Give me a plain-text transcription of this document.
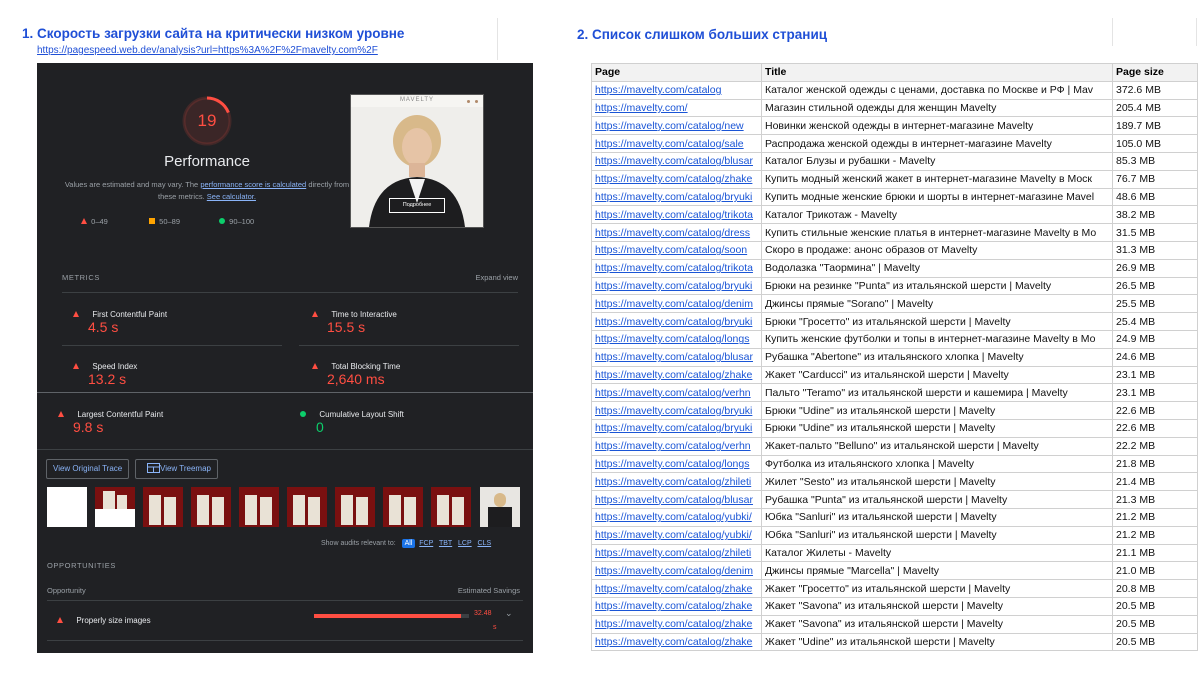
1. Скорость загрузки сайта на критически низком уровне
https://pagespeed.web.dev/analysis?url=https%3A%2F%2Fmavelty.com%2F
2. Список слишком больших страниц
19
Performance
Values are estimated and may vary. The performance score is calculated directly from these metrics. See calculator.
0–49	50–89	90–100
MAVELTY
Подробнее
METRICS	Expand view
First Contentful Paint
4.5 s
Time to Interactive
15.5 s
Speed Index
13.2 s
Total Blocking Time
2,640 ms
Largest Contentful Paint
9.8 s
Cumulative Layout Shift
0
View Original Trace	View Treemap
Show audits relevant to: All FCP TBT LCP CLS
OPPORTUNITIES
Opportunity	Estimated Savings
Properly size images
32.48
s
⌄
Page	Title	Page size
https://mavelty.com/catalog	Каталог женской одежды с ценами, доставка по Москве и РФ | Mav	372.6 MB
https://mavelty.com/	Магазин стильной одежды для женщин Mavelty	205.4 MB
https://mavelty.com/catalog/new	Новинки женской одежды в интернет-магазине Mavelty	189.7 MB
https://mavelty.com/catalog/sale	Распродажа женской одежды в интернет-магазине Mavelty	105.0 MB
https://mavelty.com/catalog/blusar	Каталог Блузы и рубашки - Mavelty	85.3 MB
https://mavelty.com/catalog/zhake	Купить модный женский жакет в интернет-магазине Mavelty в Моск	76.7 MB
https://mavelty.com/catalog/bryuki	Купить модные женские брюки и шорты в интернет-магазине Mavel	48.6 MB
https://mavelty.com/catalog/trikota	Каталог Трикотаж - Mavelty	38.2 MB
https://mavelty.com/catalog/dress	Купить стильные женские платья в интернет-магазине Mavelty в Мо	31.5 MB
https://mavelty.com/catalog/soon	Скоро в продаже: анонс образов от Mavelty	31.3 MB
https://mavelty.com/catalog/trikota	Водолазка "Таормина" | Mavelty	26.9 MB
https://mavelty.com/catalog/bryuki	Брюки на резинке "Punta" из итальянской шерсти | Mavelty	26.5 MB
https://mavelty.com/catalog/denim	Джинсы прямые "Sorano" | Mavelty	25.5 MB
https://mavelty.com/catalog/bryuki	Брюки "Гросетто" из итальянской шерсти | Mavelty	25.4 MB
https://mavelty.com/catalog/longs	Купить женские футболки и топы в интернет-магазине Mavelty в Мо	24.9 MB
https://mavelty.com/catalog/blusar	Рубашка "Abertone" из итальянского хлопка | Mavelty	24.6 MB
https://mavelty.com/catalog/zhake	Жакет "Carducci" из итальянской шерсти | Mavelty	23.1 MB
https://mavelty.com/catalog/verhn	Пальто "Teramo" из итальянской шерсти и кашемира | Mavelty	23.1 MB
https://mavelty.com/catalog/bryuki	Брюки "Udine" из итальянской шерсти | Mavelty	22.6 MB
https://mavelty.com/catalog/bryuki	Брюки "Udine" из итальянской шерсти | Mavelty	22.6 MB
https://mavelty.com/catalog/verhn	Жакет-пальто "Belluno" из итальянской шерсти | Mavelty	22.2 MB
https://mavelty.com/catalog/longs	Футболка из итальянского хлопка | Mavelty	21.8 MB
https://mavelty.com/catalog/zhileti	Жилет "Sesto" из итальянской шерсти | Mavelty	21.4 MB
https://mavelty.com/catalog/blusar	Рубашка "Punta" из итальянской шерсти | Mavelty	21.3 MB
https://mavelty.com/catalog/yubki/	Юбка "Sanluri" из итальянской шерсти | Mavelty	21.2 MB
https://mavelty.com/catalog/yubki/	Юбка "Sanluri" из итальянской шерсти | Mavelty	21.2 MB
https://mavelty.com/catalog/zhileti	Каталог Жилеты - Mavelty	21.1 MB
https://mavelty.com/catalog/denim	Джинсы прямые "Marcella" | Mavelty	21.0 MB
https://mavelty.com/catalog/zhake	Жакет "Гросетто" из итальянской шерсти | Mavelty	20.8 MB
https://mavelty.com/catalog/zhake	Жакет "Savona" из итальянской шерсти | Mavelty	20.5 MB
https://mavelty.com/catalog/zhake	Жакет "Savona" из итальянской шерсти | Mavelty	20.5 MB
https://mavelty.com/catalog/zhake	Жакет "Udine" из итальянской шерсти | Mavelty	20.5 MB
